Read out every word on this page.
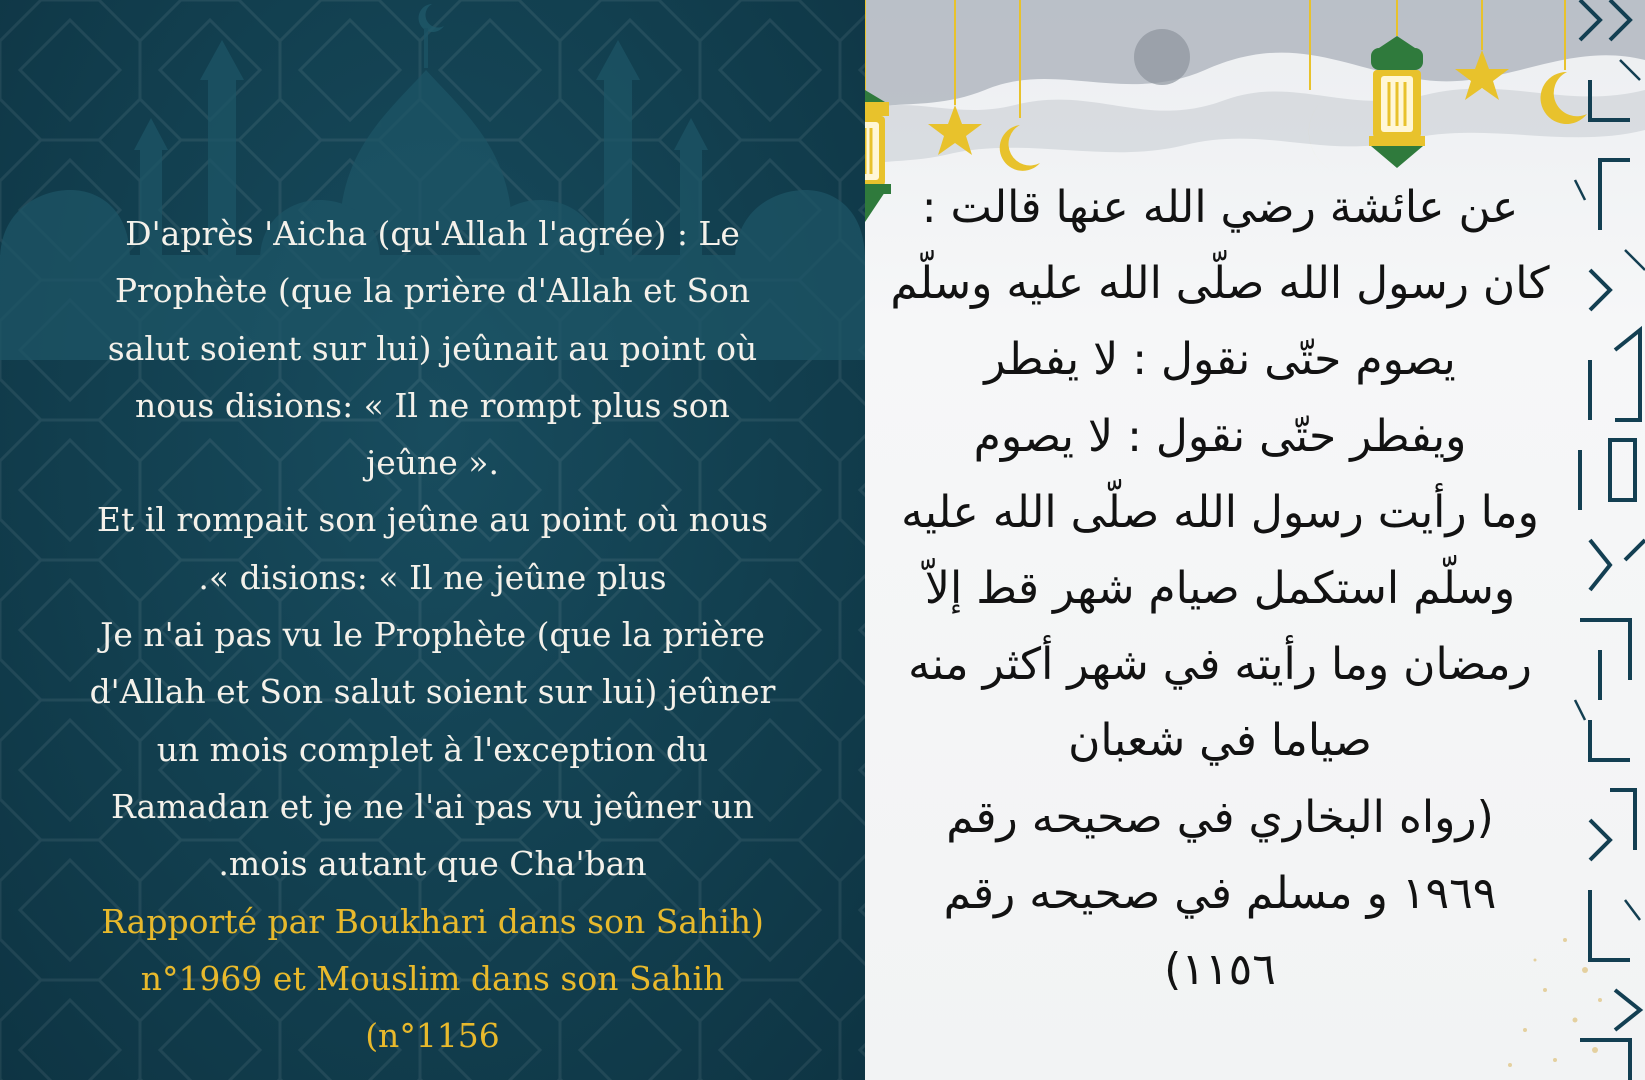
D'après 'Aicha (qu'Allah l'agrée) : Le
Prophète (que la prière d'Allah et Son
salut soient sur lui) jeûnait au point où
nous disions: « Il ne rompt plus son
jeûne ».
Et il rompait son jeûne au point où nous
.« disions: « Il ne jeûne plus
Je n'ai pas vu le Prophète (que la prière
d'Allah et Son salut soient sur lui) jeûner
un mois complet à l'exception du
Ramadan et je ne l'ai pas vu jeûner un
.mois autant que Cha'ban
Rapporté par Boukhari dans son Sahih)
n°1969 et Mouslim dans son Sahih
(n°1156
عن عائشة رضي الله عنها قالت :
كان رسول الله صلّى الله عليه وسلّم
يصوم حتّى نقول : لا يفطر
ويفطر حتّى نقول : لا يصوم
وما رأيت رسول الله صلّى الله عليه
وسلّم استكمل صيام شهر قط إلاّ
رمضان وما رأيته في شهر أكثر منه
صياما في شعبان
(رواه البخاري في صحيحه رقم
١٩٦٩ و مسلم في صحيحه رقم
١١٥٦)
